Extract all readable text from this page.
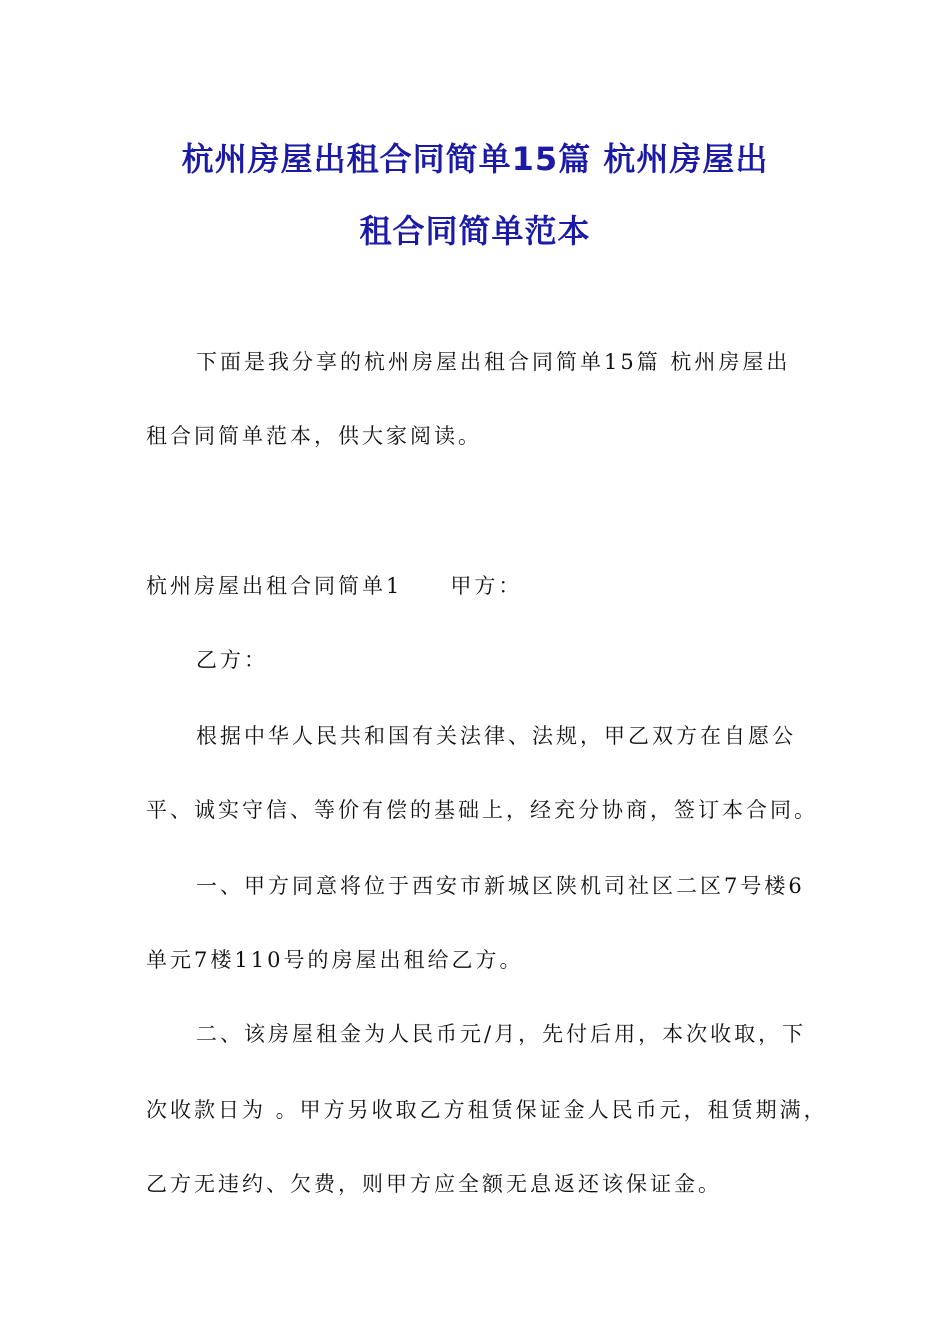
杭州房屋出租合同简单15篇 杭州房屋出
租合同简单范本
下面是我分享的杭州房屋出租合同简单15篇 杭州房屋出
租合同简单范本，供大家阅读。
杭州房屋出租合同简单1　　甲方：
乙方：
根据中华人民共和国有关法律、法规，甲乙双方在自愿公
平、诚实守信、等价有偿的基础上，经充分协商，签订本合同。
一、甲方同意将位于西安市新城区陕机司社区二区7号楼6
单元7楼110号的房屋出租给乙方。
二、该房屋租金为人民币元/月，先付后用，本次收取，下
次收款日为 。甲方另收取乙方租赁保证金人民币元，租赁期满，
乙方无违约、欠费，则甲方应全额无息返还该保证金。
